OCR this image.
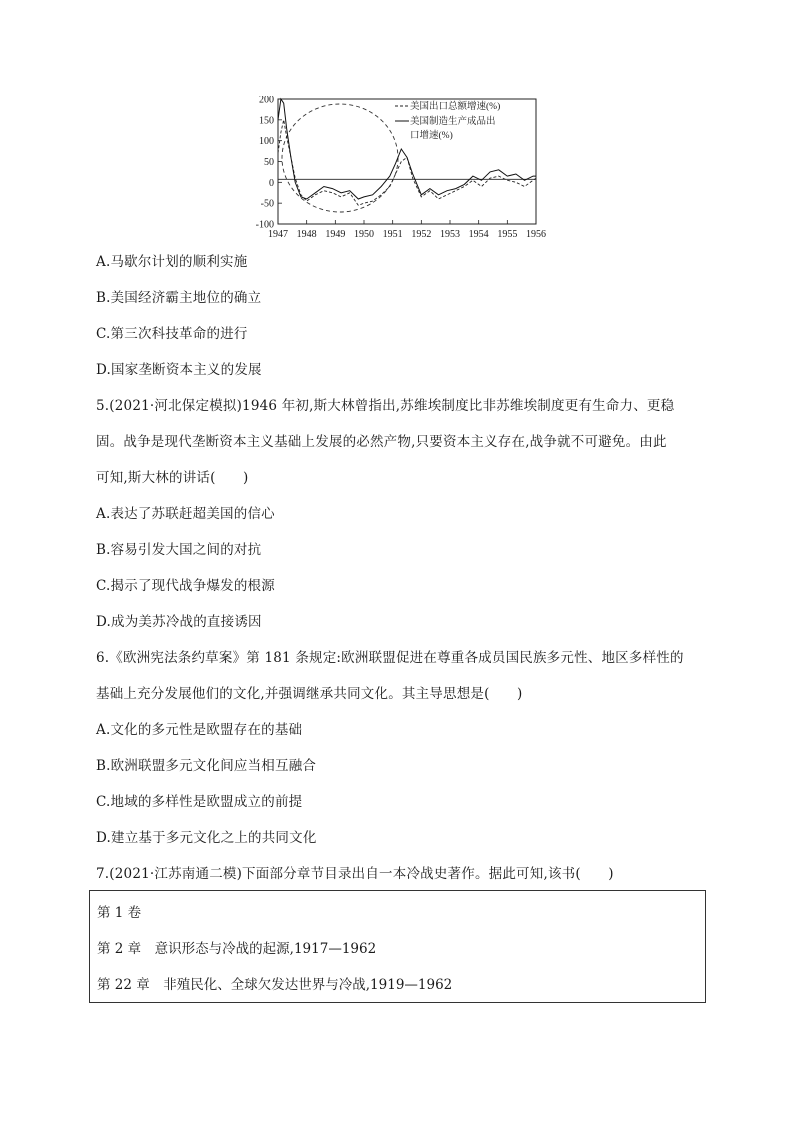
200
150
100
50
0
-50
-100
1947 1948 1949 1950 1951 1952 1953 1954 1955 1956
美国出口总额增速(%)
美国制造生产成品出
口增速(%)
A.马歇尔计划的顺利实施
B.美国经济霸主地位的确立
C.第三次科技革命的进行
D.国家垄断资本主义的发展
5.(2021·河北保定模拟)1946 年初,斯大林曾指出,苏维埃制度比非苏维埃制度更有生命力、更稳
固。战争是现代垄断资本主义基础上发展的必然产物,只要资本主义存在,战争就不可避免。由此
可知,斯大林的讲话(　　)
A.表达了苏联赶超美国的信心
B.容易引发大国之间的对抗
C.揭示了现代战争爆发的根源
D.成为美苏冷战的直接诱因
6.《欧洲宪法条约草案》第 181 条规定:欧洲联盟促进在尊重各成员国民族多元性、地区多样性的
基础上充分发展他们的文化,并强调继承共同文化。其主导思想是(　　)
A.文化的多元性是欧盟存在的基础
B.欧洲联盟多元文化间应当相互融合
C.地域的多样性是欧盟成立的前提
D.建立基于多元文化之上的共同文化
7.(2021·江苏南通二模)下面部分章节目录出自一本冷战史著作。据此可知,该书(　　)
第 1 卷
第 2 章　意识形态与冷战的起源,1917—1962
第 22 章　非殖民化、全球欠发达世界与冷战,1919—1962
